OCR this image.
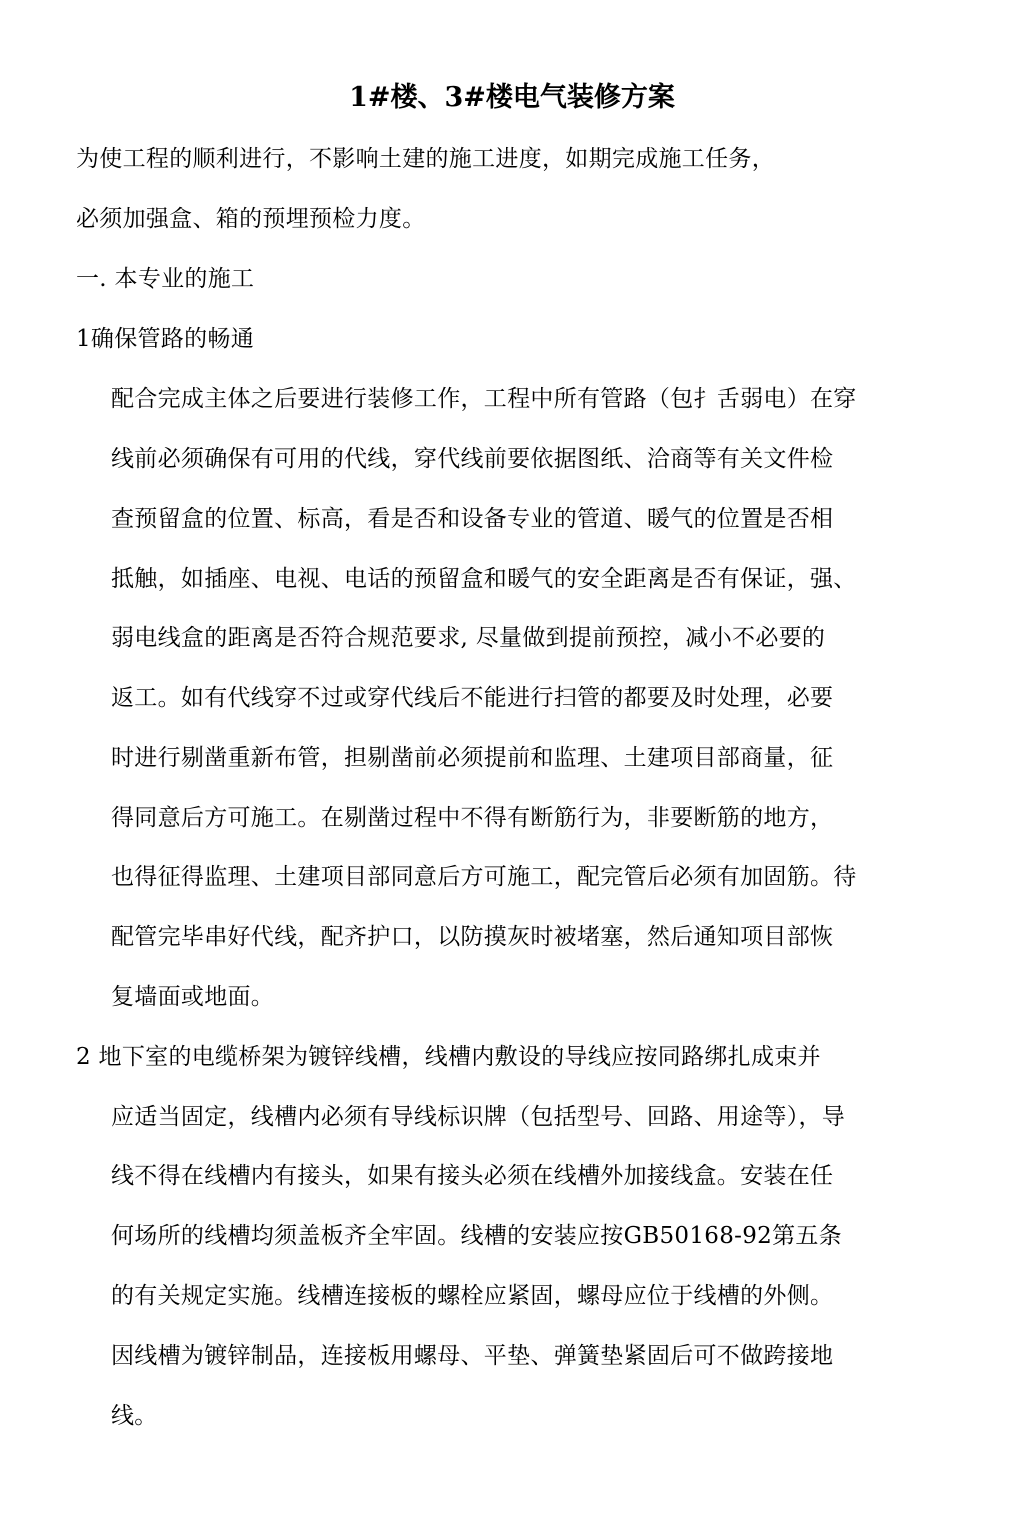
1#楼、3#楼电气装修方案
为使工程的顺利进行，不影响土建的施工进度，如期完成施工任务，
必须加强盒、箱的预埋预检力度。
一. 本专业的施工
1确保管路的畅通
配合完成主体之后要进行装修工作，工程中所有管路（包扌舌弱电）在穿
线前必须确保有可用的代线，穿代线前要依据图纸、洽商等有关文件检
查预留盒的位置、标高，看是否和设备专业的管道、暖气的位置是否相
抵触，如插座、电视、电话的预留盒和暖气的安全距离是否有保证，强、
弱电线盒的距离是否符合规范要求, 尽量做到提前预控，减小不必要的
返工。如有代线穿不过或穿代线后不能进行扫管的都要及时处理，必要
时进行剔凿重新布管，担剔凿前必须提前和监理、土建项目部商量，征
得同意后方可施工。在剔凿过程中不得有断筋行为，非要断筋的地方，
也得征得监理、土建项目部同意后方可施工，配完管后必须有加固筋。待
配管完毕串好代线，配齐护口，以防摸灰时被堵塞，然后通知项目部恢
复墙面或地面。
2 地下室的电缆桥架为镀锌线槽，线槽内敷设的导线应按同路绑扎成束并
应适当固定，线槽内必须有导线标识牌（包括型号、回路、用途等），导
线不得在线槽内有接头，如果有接头必须在线槽外加接线盒。安装在任
何场所的线槽均须盖板齐全牢固。线槽的安装应按GB50168-92第五条
的有关规定实施。线槽连接板的螺栓应紧固，螺母应位于线槽的外侧。
因线槽为镀锌制品，连接板用螺母、平垫、弹簧垫紧固后可不做跨接地
线。
